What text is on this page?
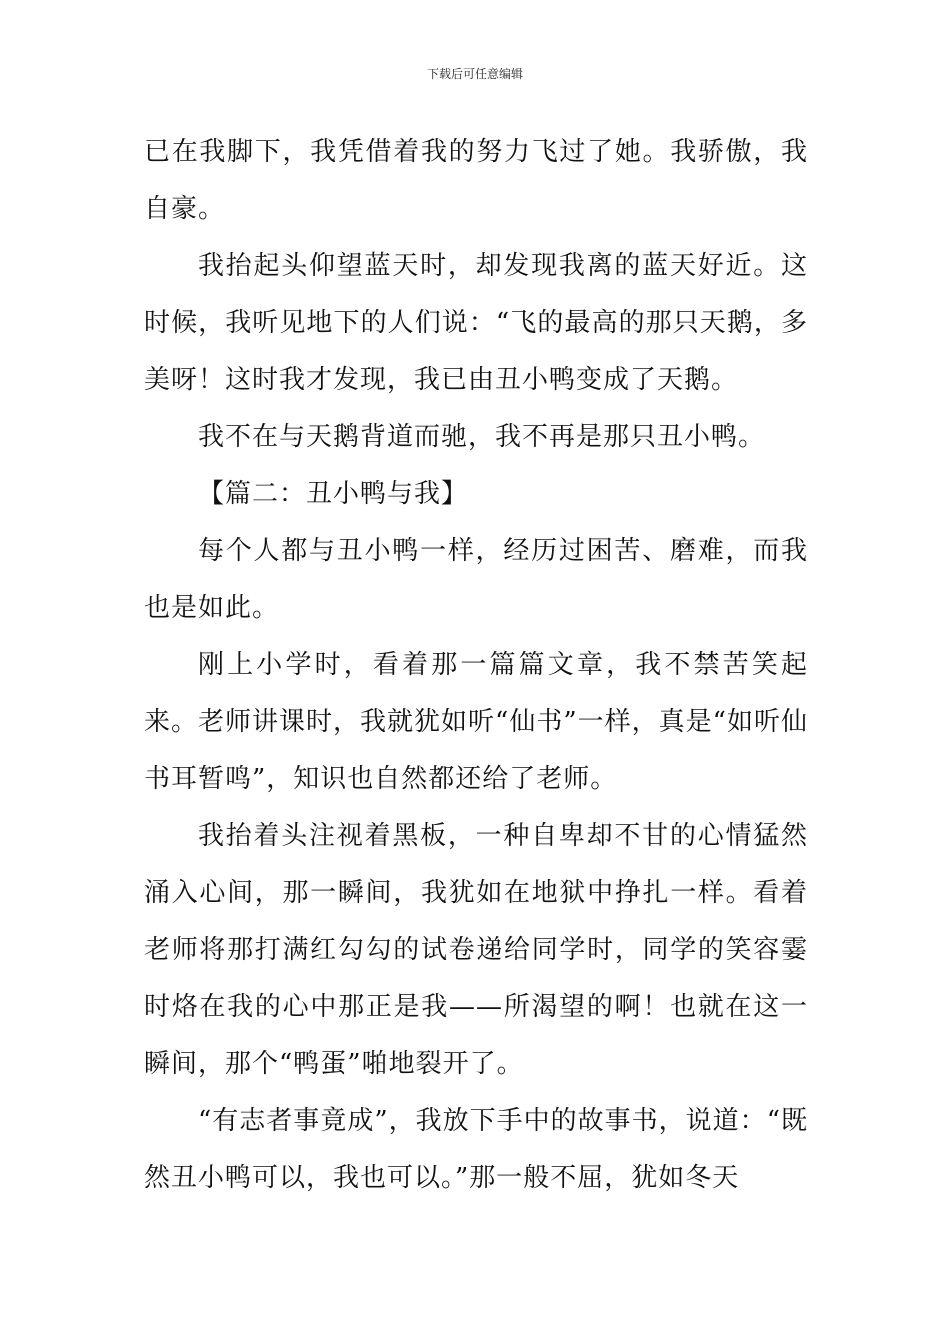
下载后可任意编辑

已在我脚下，我凭借着我的努力飞过了她。我骄傲，我自豪。

我抬起头仰望蓝天时，却发现我离的蓝天好近。这时候，我听见地下的人们说：“飞的最高的那只天鹅，多美呀！这时我才发现，我已由丑小鸭变成了天鹅。

我不在与天鹅背道而驰，我不再是那只丑小鸭。

【篇二：丑小鸭与我】

每个人都与丑小鸭一样，经历过困苦、磨难，而我也是如此。

刚上小学时，看着那一篇篇文章，我不禁苦笑起来。老师讲课时，我就犹如听“仙书”一样，真是“如听仙书耳暂鸣”，知识也自然都还给了老师。

我抬着头注视着黑板，一种自卑却不甘的心情猛然涌入心间，那一瞬间，我犹如在地狱中挣扎一样。看着老师将那打满红勾勾的试卷递给同学时，同学的笑容霎时烙在我的心中那正是我——所渴望的啊！也就在这一瞬间，那个“鸭蛋”啪地裂开了。

“有志者事竟成”，我放下手中的故事书，说道：“既然丑小鸭可以，我也可以。”那一般不屈，犹如冬天
